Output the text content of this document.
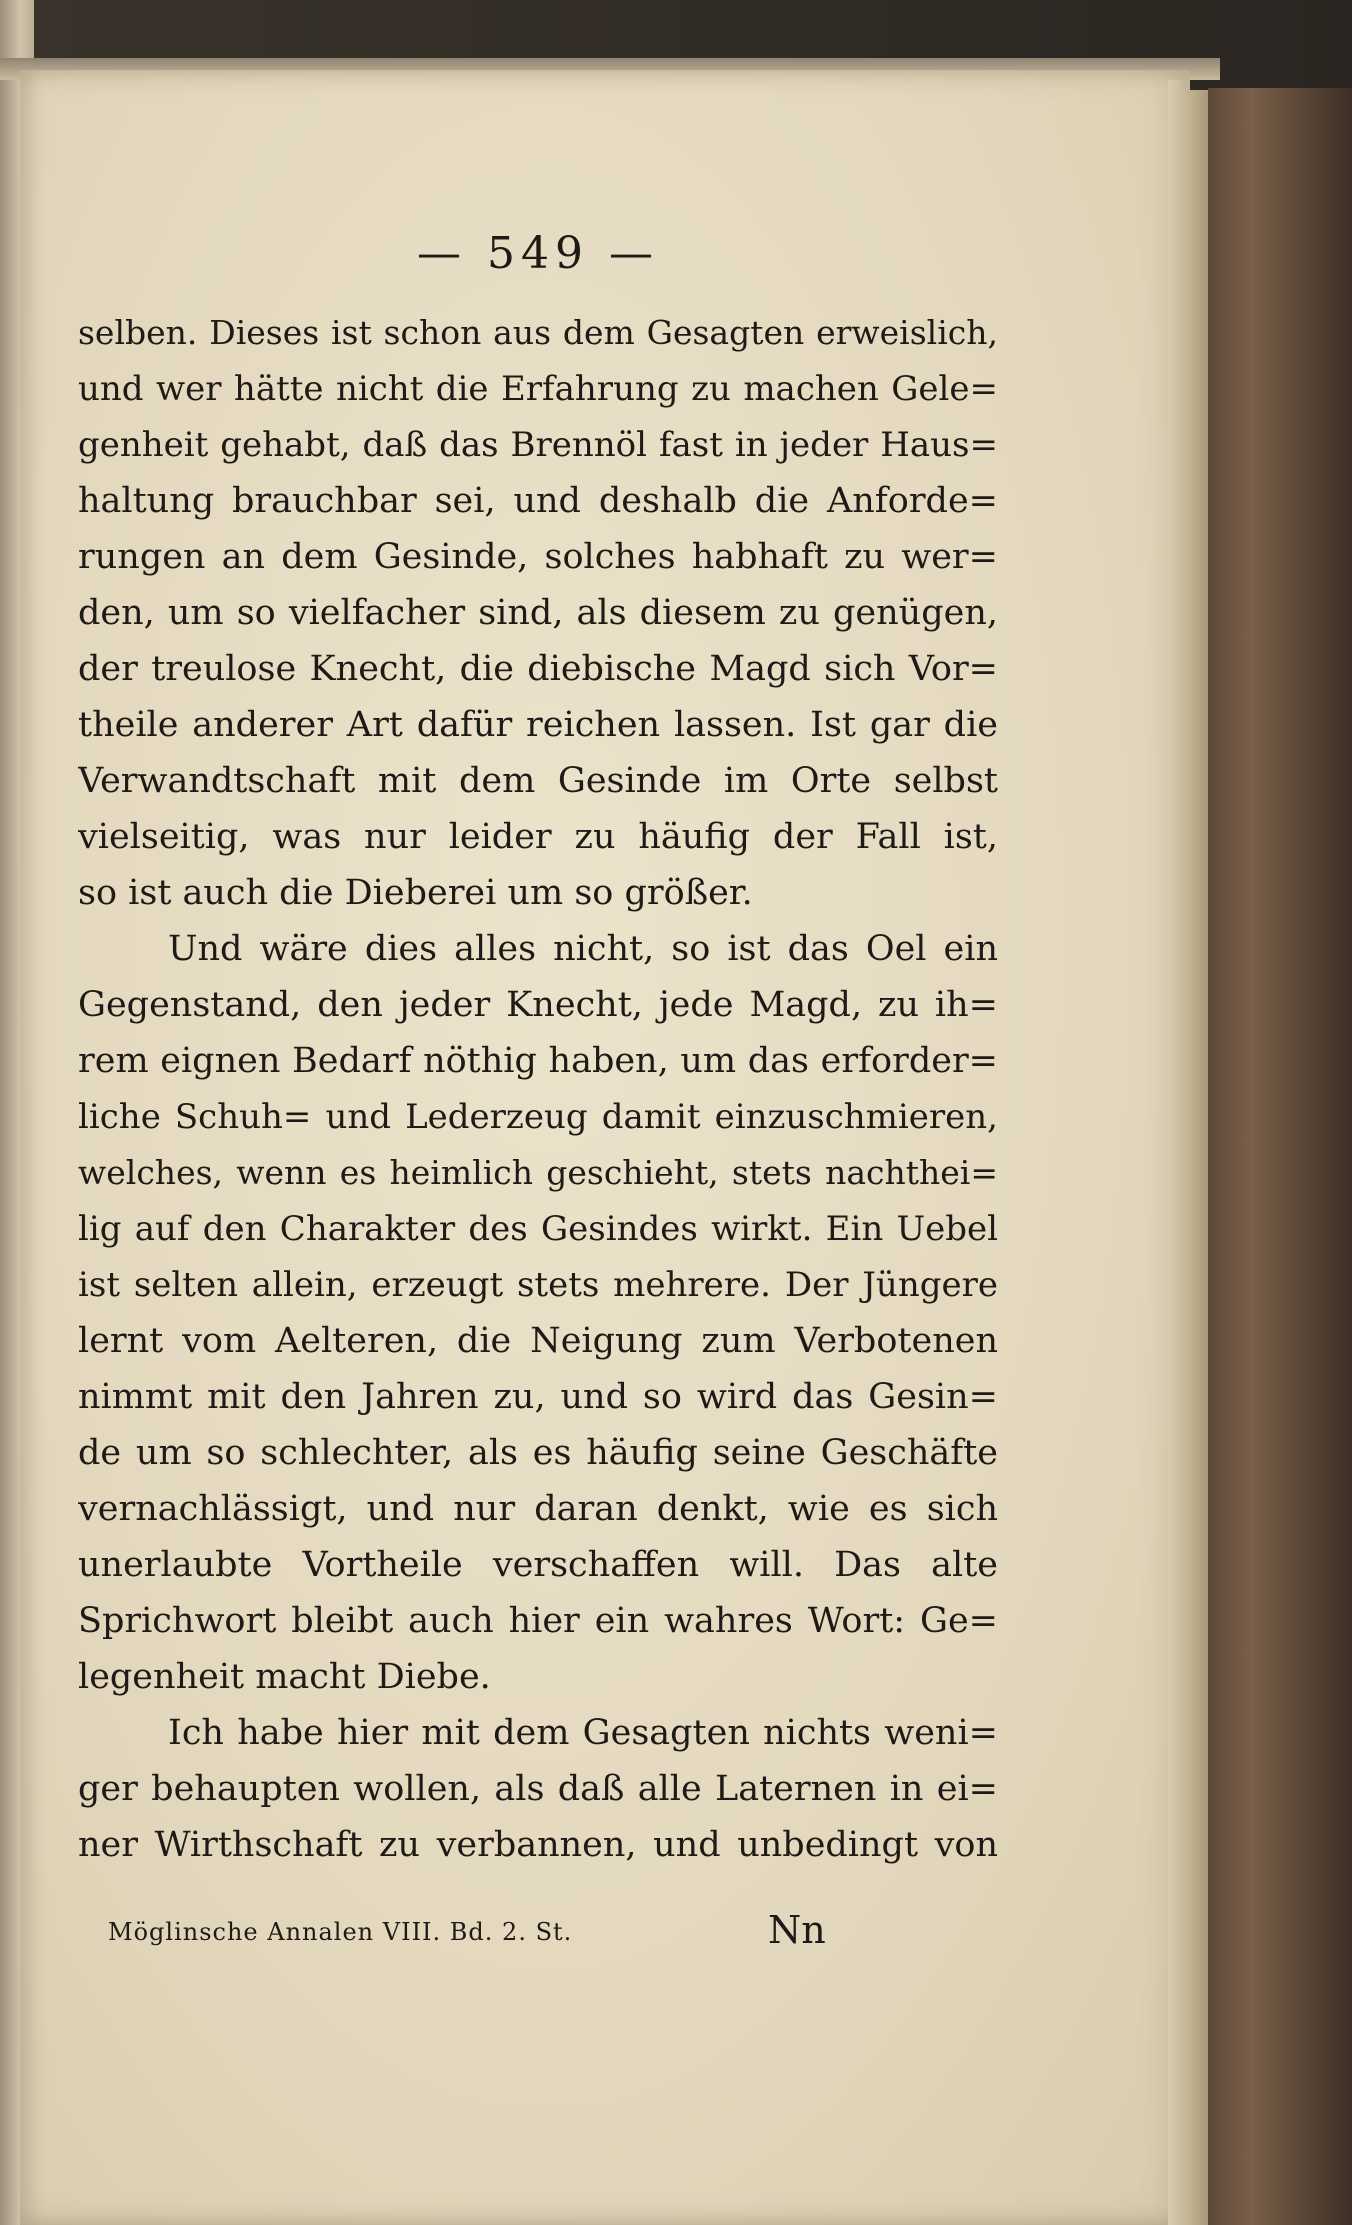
— 549 —
selben. Dieses ist schon aus dem Gesagten erweislich,
und wer hätte nicht die Erfahrung zu machen Gele=
genheit gehabt, daß das Brennöl fast in jeder Haus=
haltung brauchbar sei, und deshalb die Anforde=
rungen an dem Gesinde, solches habhaft zu wer=
den, um so vielfacher sind, als diesem zu genügen,
der treulose Knecht, die diebische Magd sich Vor=
theile anderer Art dafür reichen lassen. Ist gar die
Verwandtschaft mit dem Gesinde im Orte selbst
vielseitig, was nur leider zu häufig der Fall ist,
so ist auch die Dieberei um so größer.
Und wäre dies alles nicht, so ist das Oel ein
Gegenstand, den jeder Knecht, jede Magd, zu ih=
rem eignen Bedarf nöthig haben, um das erforder=
liche Schuh= und Lederzeug damit einzuschmieren,
welches, wenn es heimlich geschieht, stets nachthei=
lig auf den Charakter des Gesindes wirkt. Ein Uebel
ist selten allein, erzeugt stets mehrere. Der Jüngere
lernt vom Aelteren, die Neigung zum Verbotenen
nimmt mit den Jahren zu, und so wird das Gesin=
de um so schlechter, als es häufig seine Geschäfte
vernachlässigt, und nur daran denkt, wie es sich
unerlaubte Vortheile verschaffen will. Das alte
Sprichwort bleibt auch hier ein wahres Wort: Ge=
legenheit macht Diebe.
Ich habe hier mit dem Gesagten nichts weni=
ger behaupten wollen, als daß alle Laternen in ei=
ner Wirthschaft zu verbannen, und unbedingt von
Möglinsche Annalen VIII. Bd. 2. St.	Nn
